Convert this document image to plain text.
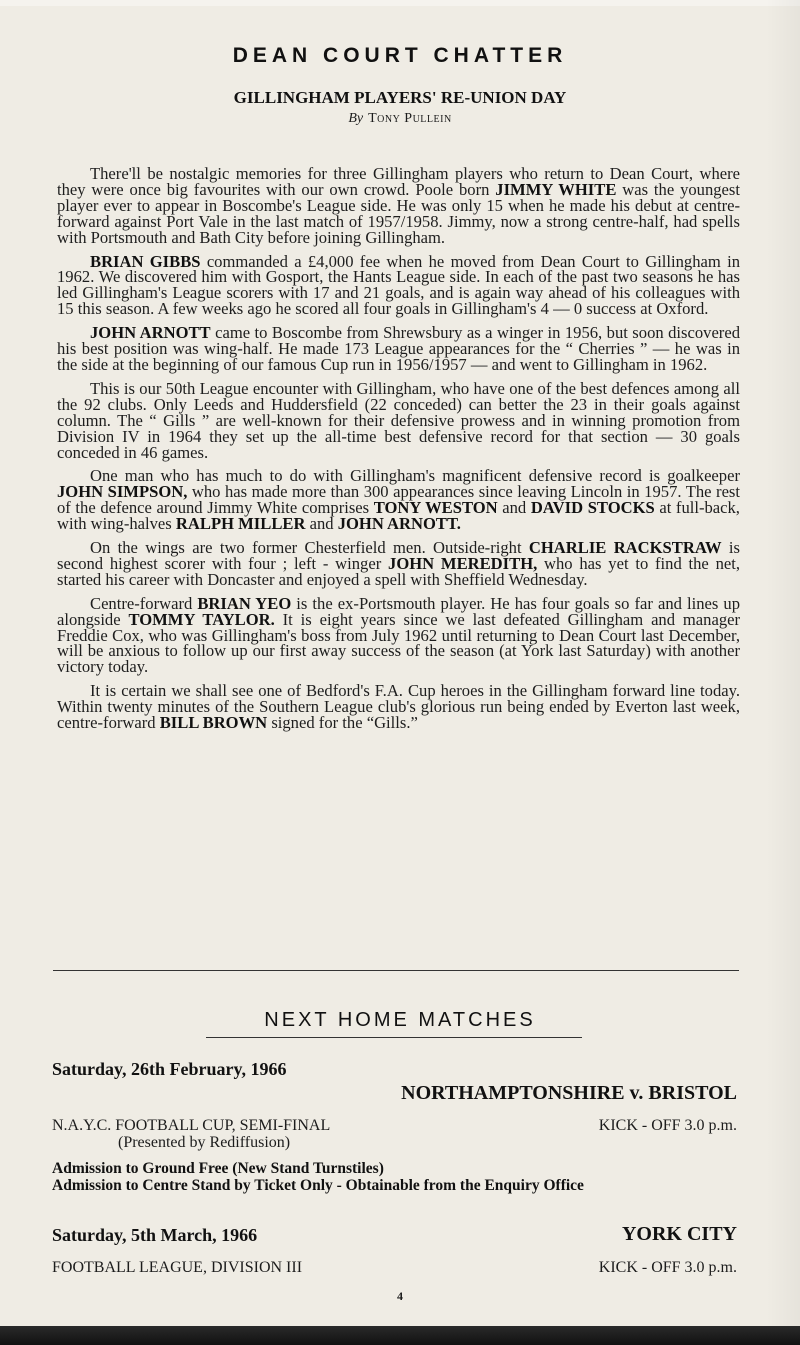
DEAN COURT CHATTER
GILLINGHAM PLAYERS' RE-UNION DAY
By Tony Pullein

There'll be nostalgic memories for three Gillingham players who return to Dean Court, where they were once big favourites with our own crowd. Poole born JIMMY WHITE was the youngest player ever to appear in Boscombe's League side. He was only 15 when he made his debut at centre-forward against Port Vale in the last match of 1957/1958. Jimmy, now a strong centre-half, had spells with Portsmouth and Bath City before joining Gillingham.

BRIAN GIBBS commanded a £4,000 fee when he moved from Dean Court to Gillingham in 1962. We discovered him with Gosport, the Hants League side. In each of the past two seasons he has led Gillingham's League scorers with 17 and 21 goals, and is again way ahead of his colleagues with 15 this season. A few weeks ago he scored all four goals in Gillingham's 4 — 0 success at Oxford.

JOHN ARNOTT came to Boscombe from Shrewsbury as a winger in 1956, but soon discovered his best position was wing-half. He made 173 League appearances for the “ Cherries ” — he was in the side at the beginning of our famous Cup run in 1956/1957 — and went to Gillingham in 1962.

This is our 50th League encounter with Gillingham, who have one of the best defences among all the 92 clubs. Only Leeds and Huddersfield (22 conceded) can better the 23 in their goals against column. The “ Gills ” are well-known for their defensive prowess and in winning promotion from Division IV in 1964 they set up the all-time best defensive record for that section — 30 goals conceded in 46 games.

One man who has much to do with Gillingham's magnificent defensive record is goalkeeper JOHN SIMPSON, who has made more than 300 appearances since leaving Lincoln in 1957. The rest of the defence around Jimmy White comprises TONY WESTON and DAVID STOCKS at full-back, with wing-halves RALPH MILLER and JOHN ARNOTT.

On the wings are two former Chesterfield men. Outside-right CHARLIE RACKSTRAW is second highest scorer with four ; left - winger JOHN MEREDITH, who has yet to find the net, started his career with Doncaster and enjoyed a spell with Sheffield Wednesday.

Centre-forward BRIAN YEO is the ex-Portsmouth player. He has four goals so far and lines up alongside TOMMY TAYLOR. It is eight years since we last defeated Gillingham and manager Freddie Cox, who was Gillingham's boss from July 1962 until returning to Dean Court last December, will be anxious to follow up our first away success of the season (at York last Saturday) with another victory today.

It is certain we shall see one of Bedford's F.A. Cup heroes in the Gillingham forward line today. Within twenty minutes of the Southern League club's glorious run being ended by Everton last week, centre-forward BILL BROWN signed for the “Gills.”

NEXT HOME MATCHES
Saturday, 26th February, 1966
NORTHAMPTONSHIRE v. BRISTOL
N.A.Y.C. FOOTBALL CUP, SEMI-FINAL	KICK - OFF 3.0 p.m.
(Presented by Rediffusion)
Admission to Ground Free (New Stand Turnstiles)
Admission to Centre Stand by Ticket Only - Obtainable from the Enquiry Office
Saturday, 5th March, 1966	YORK CITY
FOOTBALL LEAGUE, DIVISION III	KICK - OFF 3.0 p.m.
4
